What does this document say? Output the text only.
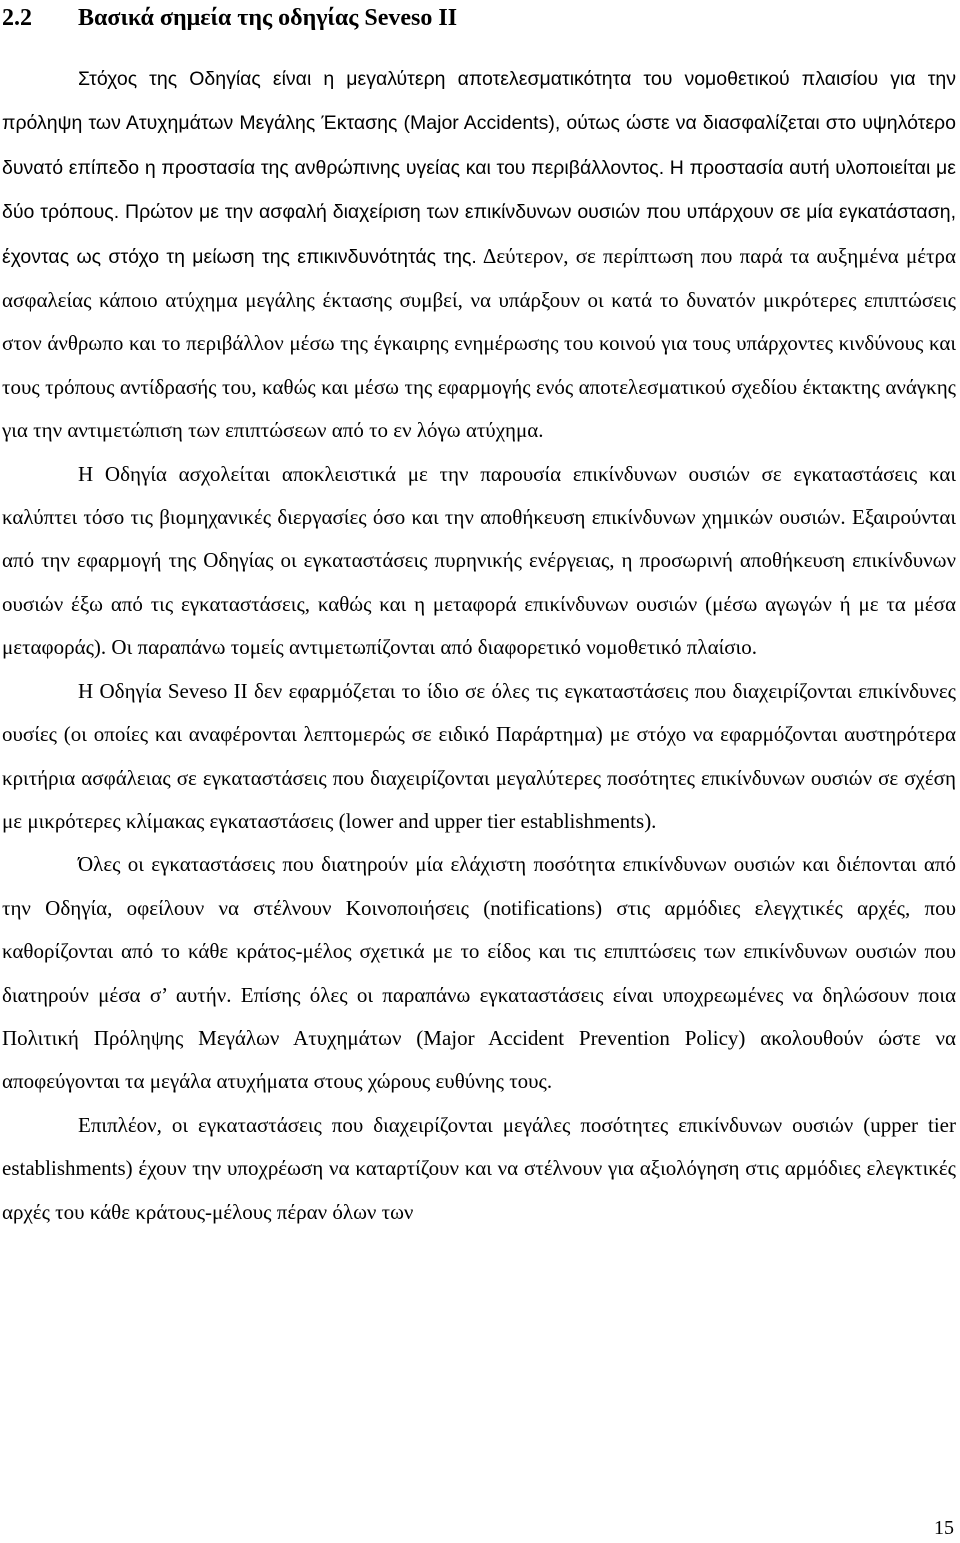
2.2 Βασικά σημεία της οδηγίας Seveso II

Στόχος της Οδηγίας είναι η μεγαλύτερη αποτελεσματικότητα του νομοθετικού πλαισίου για την πρόληψη των Ατυχημάτων Μεγάλης Έκτασης (Major Accidents), ούτως ώστε να διασφαλίζεται στο υψηλότερο δυνατό επίπεδο η προστασία της ανθρώπινης υγείας και του περιβάλλοντος. Η προστασία αυτή υλοποιείται με δύο τρόπους. Πρώτον με την ασφαλή διαχείριση των επικίνδυνων ουσιών που υπάρχουν σε μία εγκατάσταση, έχοντας ως στόχο τη μείωση της επικινδυνότητάς της. Δεύτερον, σε περίπτωση που παρά τα αυξημένα μέτρα ασφαλείας κάποιο ατύχημα μεγάλης έκτασης συμβεί, να υπάρξουν οι κατά το δυνατόν μικρότερες επιπτώσεις στον άνθρωπο και το περιβάλλον μέσω της έγκαιρης ενημέρωσης του κοινού για τους υπάρχοντες κινδύνους και τους τρόπους αντίδρασής του, καθώς και μέσω της εφαρμογής ενός αποτελεσματικού σχεδίου έκτακτης ανάγκης για την αντιμετώπιση των επιπτώσεων από το εν λόγω ατύχημα.

Η Οδηγία ασχολείται αποκλειστικά με την παρουσία επικίνδυνων ουσιών σε εγκαταστάσεις και καλύπτει τόσο τις βιομηχανικές διεργασίες όσο και την αποθήκευση επικίνδυνων χημικών ουσιών. Εξαιρούνται από την εφαρμογή της Οδηγίας οι εγκαταστάσεις πυρηνικής ενέργειας, η προσωρινή αποθήκευση επικίνδυνων ουσιών έξω από τις εγκαταστάσεις, καθώς και η μεταφορά επικίνδυνων ουσιών (μέσω αγωγών ή με τα μέσα μεταφοράς). Οι παραπάνω τομείς αντιμετωπίζονται από διαφορετικό νομοθετικό πλαίσιο.

Η Οδηγία Seveso II δεν εφαρμόζεται το ίδιο σε όλες τις εγκαταστάσεις που διαχειρίζονται επικίνδυνες ουσίες (οι οποίες και αναφέρονται λεπτομερώς σε ειδικό Παράρτημα) με στόχο να εφαρμόζονται αυστηρότερα κριτήρια ασφάλειας σε εγκαταστάσεις που διαχειρίζονται μεγαλύτερες ποσότητες επικίνδυνων ουσιών σε σχέση με μικρότερες κλίμακας εγκαταστάσεις (lower and upper tier establishments).

Όλες οι εγκαταστάσεις που διατηρούν μία ελάχιστη ποσότητα επικίνδυνων ουσιών και διέπονται από την Οδηγία, οφείλουν να στέλνουν Κοινοποιήσεις (notifications) στις αρμόδιες ελεγχτικές αρχές, που καθορίζονται από το κάθε κράτος-μέλος σχετικά με το είδος και τις επιπτώσεις των επικίνδυνων ουσιών που διατηρούν μέσα σ’ αυτήν. Επίσης όλες οι παραπάνω εγκαταστάσεις είναι υποχρεωμένες να δηλώσουν ποια Πολιτική Πρόληψης Μεγάλων Ατυχημάτων (Major Accident Prevention Policy) ακολουθούν ώστε να αποφεύγονται τα μεγάλα ατυχήματα στους χώρους ευθύνης τους.

Επιπλέον, οι εγκαταστάσεις που διαχειρίζονται μεγάλες ποσότητες επικίνδυνων ουσιών (upper tier establishments) έχουν την υποχρέωση να καταρτίζουν και να στέλνουν για αξιολόγηση στις αρμόδιες ελεγκτικές αρχές του κάθε κράτους-μέλους πέραν όλων των

15
